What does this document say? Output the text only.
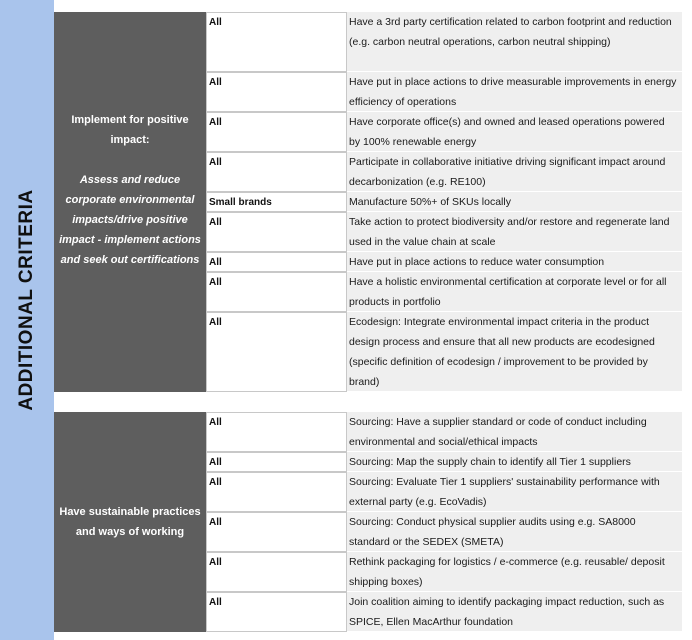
ADDITIONAL CRITERIA
Implement for positive impact:
Assess and reduce corporate environmental impacts/drive positive impact - implement actions and seek out certifications
All	Have a 3rd party certification related to carbon footprint and reduction (e.g. carbon neutral operations, carbon neutral shipping)
All	Have put in place actions to drive measurable improvements in energy efficiency of operations
All	Have corporate office(s) and owned and leased operations powered by 100% renewable energy
All	Participate in collaborative initiative driving significant impact around decarbonization (e.g. RE100)
Small brands	Manufacture 50%+ of SKUs locally
All	Take action to protect biodiversity and/or restore and regenerate land used in the value chain at scale
All	Have put in place actions to reduce water consumption
All	Have a holistic environmental certification at corporate level or for all products in portfolio
All	Ecodesign: Integrate environmental impact criteria in the product design process and ensure that all new products are ecodesigned (specific definition of ecodesign / improvement to be provided by brand)
Have sustainable practices and ways of working
All	Sourcing: Have a supplier standard or code of conduct including environmental and social/ethical impacts
All	Sourcing: Map the supply chain to identify all Tier 1 suppliers
All	Sourcing: Evaluate Tier 1 suppliers' sustainability performance with external party (e.g. EcoVadis)
All	Sourcing: Conduct physical supplier audits using e.g. SA8000 standard or the SEDEX (SMETA)
All	Rethink packaging for logistics / e-commerce (e.g. reusable/ deposit shipping boxes)
All	Join coalition aiming to identify packaging impact reduction, such as SPICE, Ellen MacArthur foundation
